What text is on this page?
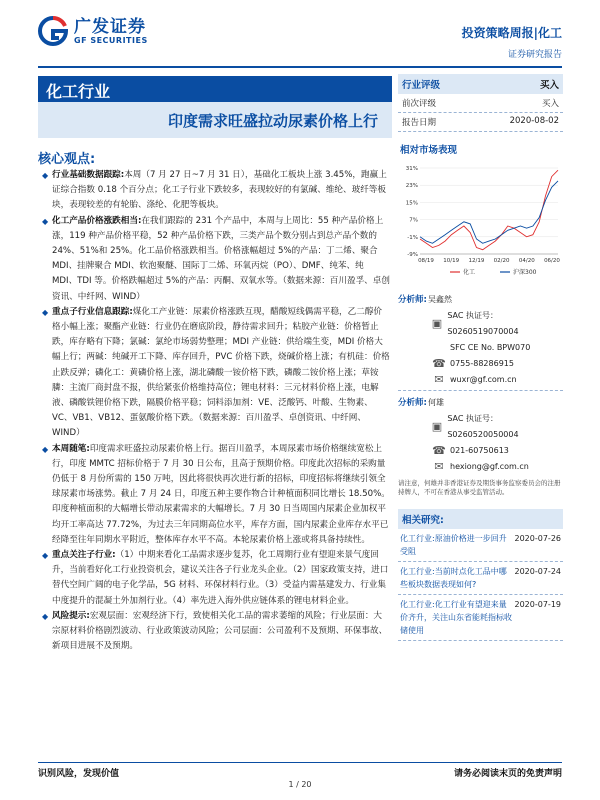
广发证券
GF SECURITIES	投资策略周报|化工
证券研究报告
化工行业
印度需求旺盛拉动尿素价格上行
核心观点:
◆ 行业基础数据跟踪:本周（7 月 27 日~7 月 31 日），基础化工板块上涨 3.45%，跑赢上证综合指数 0.18 个百分点；化工子行业下跌较多，表现较好的有氯碱、维纶、玻纤等板块，表现较差的有轮胎、涤纶、化肥等板块。
◆ 化工产品价格涨跌相当:在我们跟踪的 231 个产品中，本周与上周比：55 种产品价格上涨，119 种产品价格平稳，52 种产品价格下跌，三类产品个数分别占到总产品个数的 24%、51%和 25%。化工品价格涨跌相当。价格涨幅超过 5%的产品：丁二烯、聚合 MDI、挂牌聚合 MDI、软泡聚醚、国际丁二烯、环氧丙烷（PO）、DMF、纯苯、纯 MDI、TDI 等。价格跌幅超过 5%的产品：丙酮、双氧水等。（数据来源：百川盈孚、卓创资讯、中纤网、WIND）
◆ 重点子行业信息跟踪:煤化工产业链：尿素价格涨跌互现，醋酸短线偶需平稳，乙二醇价格小幅上涨；聚酯产业链：行业仍在磨底阶段，静待需求回升；粘胶产业链：价格暂止跌，库存略有下降；氯碱：氯纶市场弱势整理；MDI 产业链：供给端生变，MDI 价格大幅上行；两碱：纯碱开工下降、库存回升，PVC 价格下跌，烧碱价格上涨；有机硅：价格止跌反弹；磷化工：黄磷价格上涨，湖北磷酸一铵价格下跌，磷酸二铵价格上涨；草铵膦：主流厂商封盘不报，供给紧张价格维持高位；锂电材料：三元材料价格上涨，电解液、磷酸铁锂价格下跌，隔膜价格平稳；饲料添加剂：VE、泛酸钙、叶酸、生物素、VC、VB1、VB12、蛋氨酸价格下跌。（数据来源：百川盈孚、卓创资讯、中纤网、WIND）
◆ 本周随笔:印度需求旺盛拉动尿素价格上行。据百川盈孚，本周尿素市场价格继续宽松上行，印度 MMTC 招标价格于 7 月 30 日公布，且高于预期价格。印度此次招标的采购量仍低于 8 月份所需的 150 万吨，因此将很快再次进行新的招标，印度招标将继续引领全球尿素市场涨势。截止 7 月 24 日，印度五种主要作物合计种植面积同比增长 18.50%。印度种植面积的大幅增长带动尿素需求的大幅增长。7 月 30 日当周国内尿素企业加权平均开工率高达 77.72%，为过去三年同期高位水平，库存方面，国内尿素企业库存水平已经降至往年同期水平附近，整体库存水平不高。本轮尿素价格上涨或将具备持续性。
◆ 重点关注子行业:（1）中期来看化工品需求逐步复苏，化工周期行业有望迎来景气度回升，当前看好化工行业投资机会，建议关注各子行业龙头企业。（2）国家政策支持，进口替代空间广阔的电子化学品，5G 材料、环保材料行业。（3）受益内需基建发力、行业集中度提升的混凝土外加剂行业。（4）率先进入海外供应链体系的锂电材料企业。
◆ 风险提示:宏观层面：宏观经济下行，致使相关化工品的需求萎缩的风险；行业层面：大宗原材料价格剧烈波动、行业政策波动风险；公司层面：公司盈利不及预期、环保事故、新项目进展不及预期。
行业评级	买入
前次评级	买入
报告日期	2020-08-02
相对市场表现
31%
23%
15%
7%
-1%
-9%
08/19 10/19 12/19 02/20 04/20 06/20
化工	沪深300
分析师: 吴鑫然
▣
SAC 执证号：S0260519070004
SFC CE No. BPW070
☎ 0755-88286915
✉ wuxr@gf.com.cn
分析师: 何雄
▣
SAC 执证号：S0260520050004
☎ 021-60750613
✉ hexiong@gf.com.cn
请注意，何雄并非香港证券及期货事务监察委员会的注册持牌人，不可在香港从事受监管活动。
相关研究:
化工行业:原油价格进一步回升受阻
2020-07-26
化工行业:当前时点化工品中哪些板块数据表现如何?
2020-07-24
化工行业:化工行业有望迎来量价齐升，关注山东省能耗指标收储使用
2020-07-19
识别风险，发现价值	请务必阅读末页的免责声明
1 / 20
